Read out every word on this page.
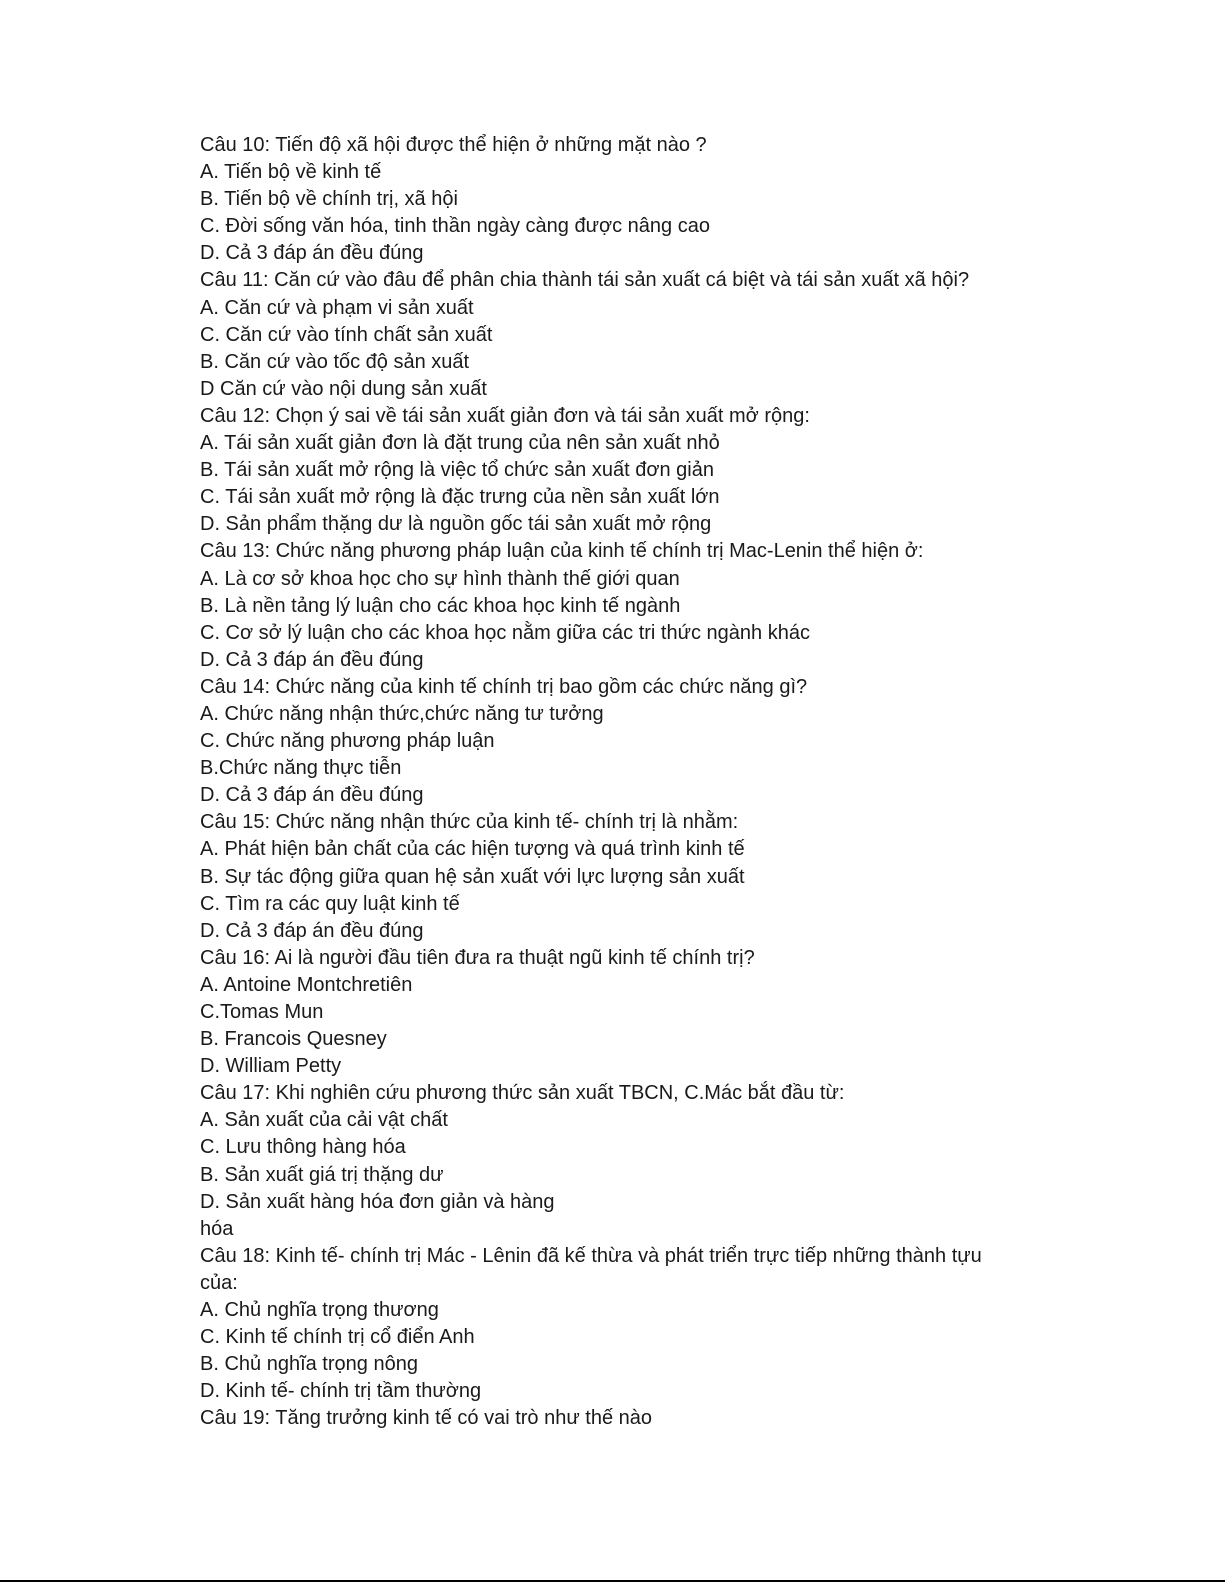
Câu 10: Tiến độ xã hội được thể hiện ở những mặt nào ?
A. Tiến bộ về kinh tế
B. Tiến bộ về chính trị, xã hội
C. Đời sống văn hóa, tinh thần ngày càng được nâng cao
D. Cả 3 đáp án đều đúng
Câu 11: Căn cứ vào đâu để phân chia thành tái sản xuất cá biệt và tái sản xuất xã hội?
A. Căn cứ và phạm vi sản xuất
C. Căn cứ vào tính chất sản xuất
B. Căn cứ vào tốc độ sản xuất
D Căn cứ vào nội dung sản xuất
Câu 12: Chọn ý sai về tái sản xuất giản đơn và tái sản xuất mở rộng:
A. Tái sản xuất giản đơn là đặt trung của nên sản xuất nhỏ
B. Tái sản xuất mở rộng là việc tổ chức sản xuất đơn giản
C. Tái sản xuất mở rộng là đặc trưng của nền sản xuất lớn
D. Sản phẩm thặng dư là nguồn gốc tái sản xuất mở rộng
Câu 13: Chức năng phương pháp luận của kinh tế chính trị Mac-Lenin thể hiện ở:
A. Là cơ sở khoa học cho sự hình thành thế giới quan
B. Là nền tảng lý luận cho các khoa học kinh tế ngành
C. Cơ sở lý luận cho các khoa học nằm giữa các tri thức ngành khác
D. Cả 3 đáp án đều đúng
Câu 14: Chức năng của kinh tế chính trị bao gồm các chức năng gì?
A. Chức năng nhận thức,chức năng tư tưởng
C. Chức năng phương pháp luận
B.Chức năng thực tiễn
D. Cả 3 đáp án đều đúng
Câu 15: Chức năng nhận thức của kinh tế- chính trị là nhằm:
A. Phát hiện bản chất của các hiện tượng và quá trình kinh tế
B. Sự tác động giữa quan hệ sản xuất với lực lượng sản xuất
C. Tìm ra các quy luật kinh tế
D. Cả 3 đáp án đều đúng
Câu 16: Ai là người đầu tiên đưa ra thuật ngũ kinh tế chính trị?
A. Antoine Montchretiên
C.Tomas Mun
B. Francois Quesney
D. William Petty
Câu 17: Khi nghiên cứu phương thức sản xuất TBCN, C.Mác bắt đầu từ:
A. Sản xuất của cải vật chất
C. Lưu thông hàng hóa
B. Sản xuất giá trị thặng dư
D. Sản xuất hàng hóa đơn giản và hàng
hóa
Câu 18: Kinh tế- chính trị Mác - Lênin đã kế thừa và phát triển trực tiếp những thành tựu
của:
A. Chủ nghĩa trọng thương
C. Kinh tế chính trị cổ điển Anh
B. Chủ nghĩa trọng nông
D. Kinh tế- chính trị tầm thường
Câu 19: Tăng trưởng kinh tế có vai trò như thế nào
